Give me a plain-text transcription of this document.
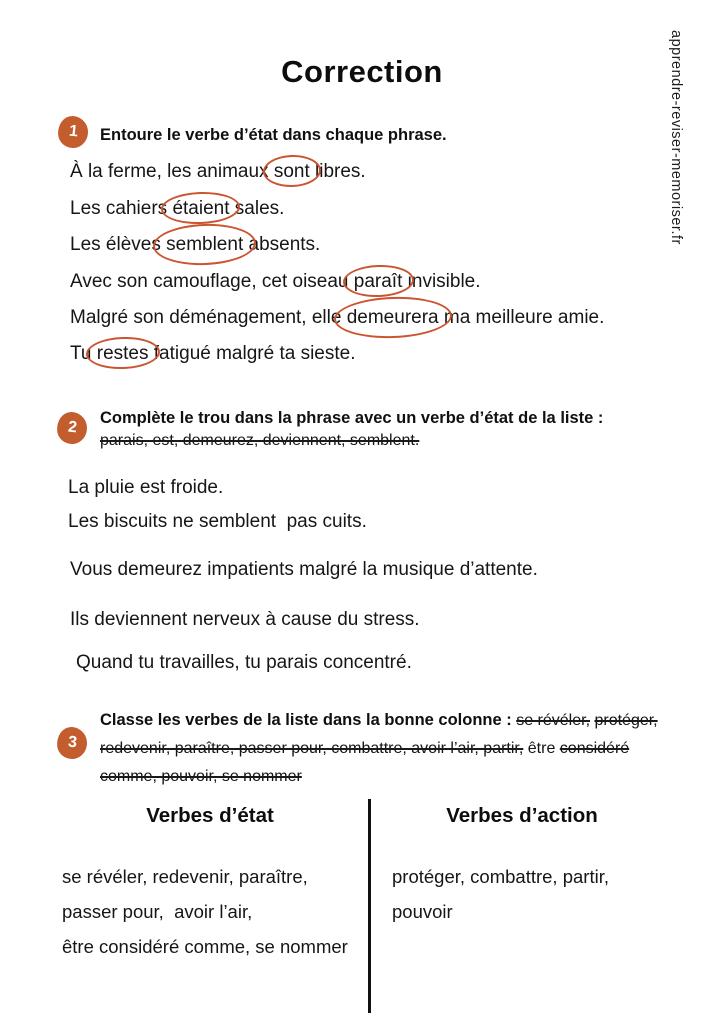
Correction	apprendre-reviser-memoriser.fr
1 Entoure le verbe d’état dans chaque phrase.
À la ferme, les animaux sont libres.
Les cahiers étaient sales.
Les élèves semblent absents.
Avec son camouflage, cet oiseau paraît invisible.
Malgré son déménagement, elle demeurera ma meilleure amie.
Tu restes fatigué malgré ta sieste.
2
Complète le trou dans la phrase avec un verbe d’état de la liste :
parais, est, demeurez, deviennent, semblent.
La pluie est froide.
Les biscuits ne semblent  pas cuits.
Vous demeurez impatients malgré la musique d’attente.
Ils deviennent nerveux à cause du stress.
Quand tu travailles, tu parais concentré.
3
Classe les verbes de la liste dans la bonne colonne : se révéler, protéger, redevenir, paraître, passer pour, combattre, avoir l’air, partir, être considéré comme, pouvoir, se nommer
Verbes d’état	Verbes d’action
se révéler, redevenir, paraître,
passer pour,  avoir l’air,
être considéré comme, se nommer
protéger, combattre, partir,
pouvoir
